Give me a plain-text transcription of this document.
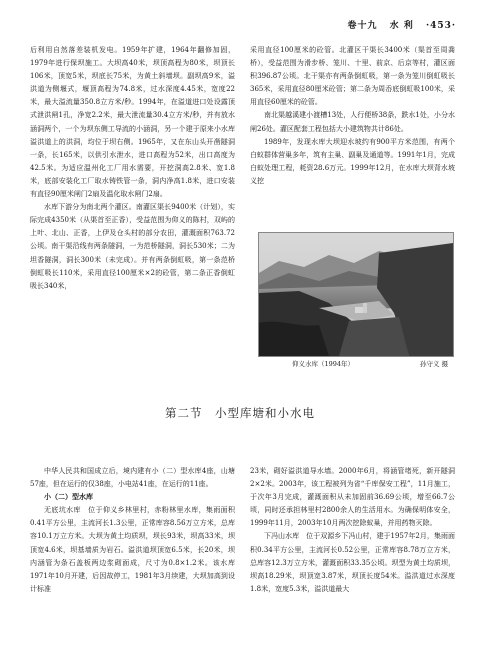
卷十九 水 利 ·453·

后利用自然落差装机发电。1959年扩建，1964年翻修加固，1979年进行保坝施工。大坝高40米，坝顶高程为80米，坝顶长106米，顶宽5米，坝底长75米，为黄土斜墙坝。副坝高9米，溢洪道为侧堰式，堰顶高程为74.8米，过水深度4.45米，宽度22米，最大溢流量350.8立方米/秒。1994年，在溢道进口处设露顶式泄洪闸1孔，净宽2.2米，最大泄流量30.4立方米/秒，并有放水涵洞两个，一个为坝东侧工导流的小涵洞，另一个建于原来小水库溢洪道上的洪洞，均位于坝右侧。1965年，又在东山头开凿隧洞一条，长165米，以供引水泄水，进口高程为52米，出口高度为42.5米。为适应温州化工厂用水需要，开挖洞高2.8米、宽1.8米，底部安装化工厂取水铸铁管一条，洞内净高1.8米，进口安装有直径90厘米闸门2扇及温化取水闸门2扇。

水库下游分为南北两个灌区。南灌区渠长9400米（计划），实际完成4350米（从渠首至正香），受益范围为仰义的陈村，双屿的上叶、北山、正香，上伊及仓头村的部分农田，灌溉面积763.72公顷。南干渠沿线有两条隧洞，一为范桥隧洞，洞长530米；二为坦香隧洞，洞长300米（未完成）。并有两条倒虹吸，第一条范桥倒虹吸长110米，采用直径100厘米×2的砼管，第二条正香倒虹吸长340米，

采用直径100厘米的砼管。北灌区干渠长3400米（渠首至周喬桥），受益范围为滑步桥、笼川、十里、前京、后京等村，灌区面积396.87公顷。北干渠亦有两条倒虹吸，第一条为笼川倒虹吸长365米，采用直径80厘米砼管；第二条为周岙底倒虹吸100米，采用直径60厘米的砼管。

南北渠越溪建小渡槽13处，人行便桥38条，跌水1处，小分水闸26处。灌区配套工程包括大小建筑物共计86处。

1989年，发现水库大坝迎水坡约有900平方米范围，有两个白蚁群体营巢多年，筑有主巢、副巢及通道等。1991年1月，完成白蚁处理工程，耗资28.6万元。1999年12月，在水库大坝背水坡义挖

仰义水库（1994年）	孙守义 摄
第二节　小型库塘和小水电

中华人民共和国成立后，境内建有小（二）型水库4座，山塘57座，但在运行的仅38座，小电站41座，在运行的11座。

小（二）型水库

无底坑水库　位于仰义乡林里村，赤粉林里水库，集雨面积0.41平方公里，主流河长1.3公里，正常库容8.56万立方米，总库容10.1万立方米。大坝为黄土均质坝，坝长93米，坝高33米，坝顶宽4.6米，坝基墙质为岩石。溢洪道坝顶宽6.5米，长20米，坝内涵管为条石盖板两边浆砌面成，尺寸为0.8×1.2米。该水库1971年10月开建，后因故停工，1981年3月续建，大坝加高到设计标准

23米，砌好溢洪道导水墙。2000年6月，将涵管堵死，新开隧洞2×2米。2003年，该工程被列为省“千库保安工程”，11月施工，于次年3月完成，灌溉面积从未加固前36.69公顷，增至66.7公顷，同时还承担林里村2800余人的生活用水。为确保明体安全，1999年11月，2003年10月两次挖除蚁巢，并用药物灭除。

下冯山水库　位于双源乡下冯山村，建于1957年2月，集雨面积0.34平方公里，主流河长0.52公里，正常库容8.78万立方米，总库容12.3万立方米，灌溉面积33.35公顷。坝型为黄土均质坝，坝高18.29米，坝顶宽3.87米，坝顶长度54米。溢洪道过水深度1.8米，宽度5.3米，溢洪道最大
